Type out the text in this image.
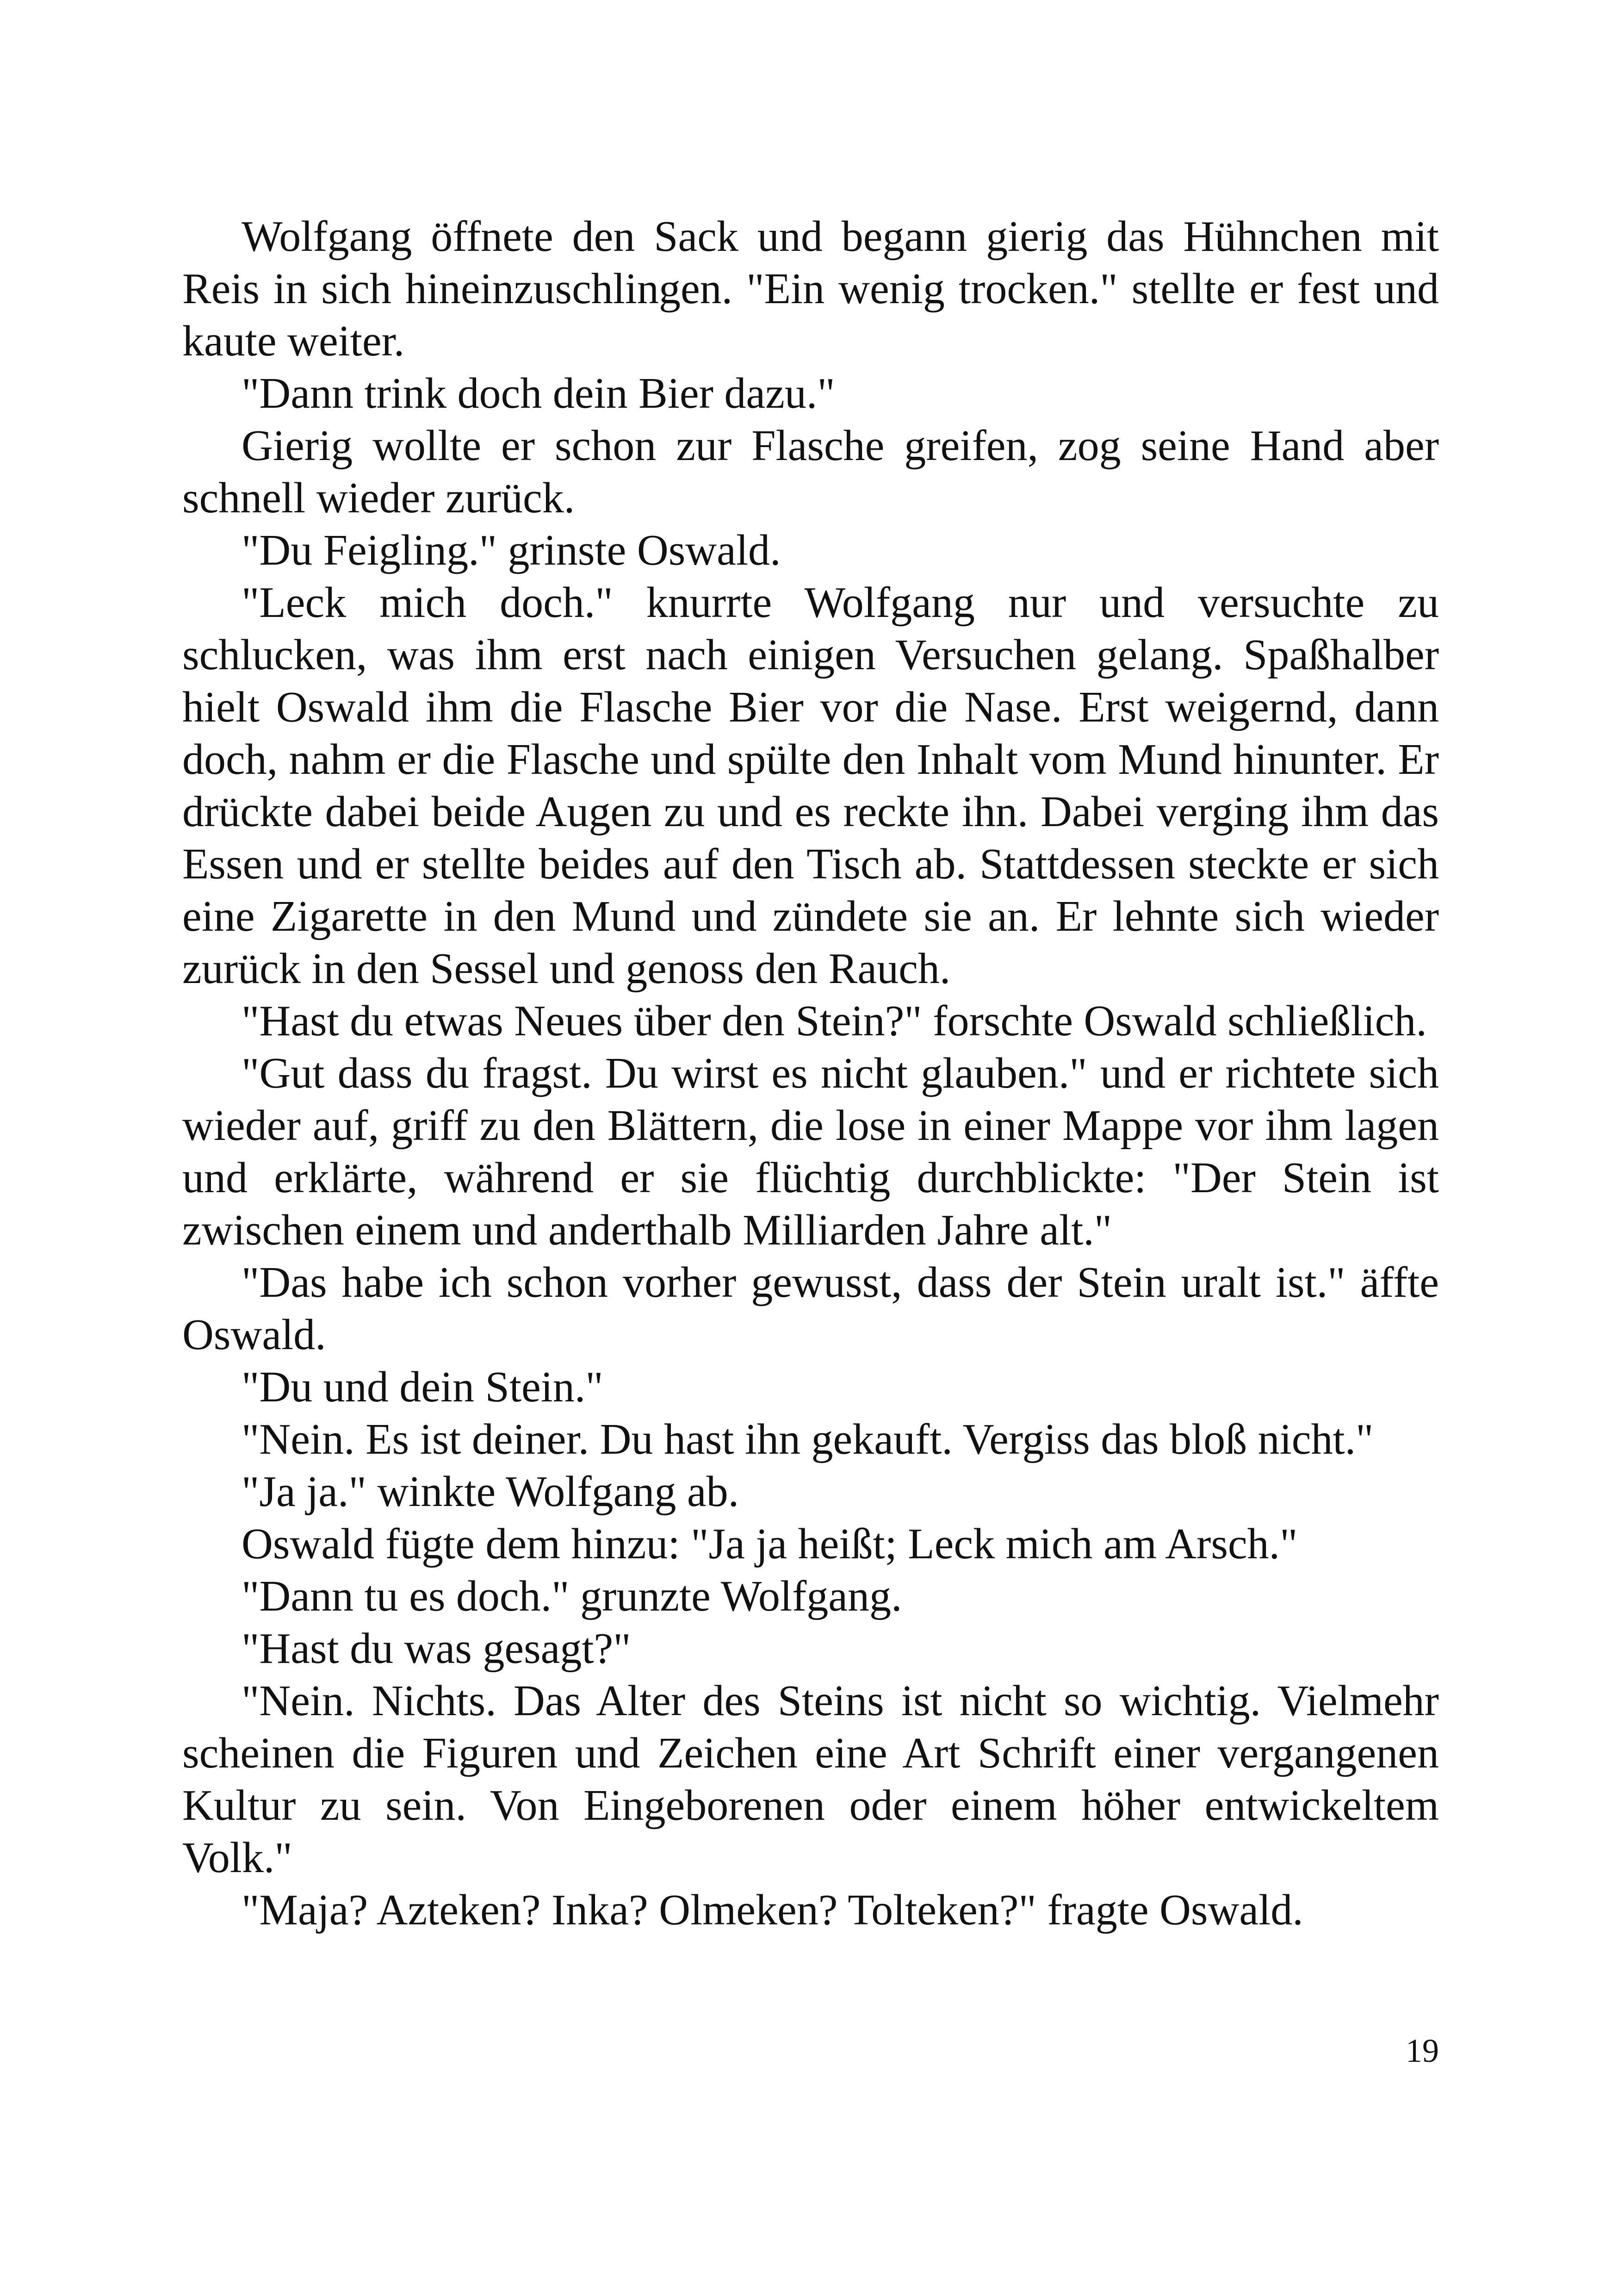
Wolfgang öffnete den Sack und begann gierig das Hühnchen mit Reis in sich hineinzuschlingen. "Ein wenig trocken." stellte er fest und kaute weiter.

"Dann trink doch dein Bier dazu."

Gierig wollte er schon zur Flasche greifen, zog seine Hand aber schnell wieder zurück.

"Du Feigling." grinste Oswald.

"Leck mich doch." knurrte Wolfgang nur und versuchte zu schlucken, was ihm erst nach einigen Versuchen gelang. Spaßhalber hielt Oswald ihm die Flasche Bier vor die Nase. Erst weigernd, dann doch, nahm er die Flasche und spülte den Inhalt vom Mund hinunter. Er drückte dabei beide Augen zu und es reckte ihn. Dabei verging ihm das Essen und er stellte beides auf den Tisch ab. Stattdessen steckte er sich eine Zigarette in den Mund und zündete sie an. Er lehnte sich wieder zurück in den Sessel und genoss den Rauch.

"Hast du etwas Neues über den Stein?" forschte Oswald schließlich.

"Gut dass du fragst. Du wirst es nicht glauben." und er richtete sich wieder auf, griff zu den Blättern, die lose in einer Mappe vor ihm lagen und erklärte, während er sie flüchtig durchblickte: "Der Stein ist zwischen einem und anderthalb Milliarden Jahre alt."

"Das habe ich schon vorher gewusst, dass der Stein uralt ist." äffte Oswald.

"Du und dein Stein."

"Nein. Es ist deiner. Du hast ihn gekauft. Vergiss das bloß nicht."

"Ja ja." winkte Wolfgang ab.

Oswald fügte dem hinzu: "Ja ja heißt; Leck mich am Arsch."

"Dann tu es doch." grunzte Wolfgang.

"Hast du was gesagt?"

"Nein. Nichts. Das Alter des Steins ist nicht so wichtig. Vielmehr scheinen die Figuren und Zeichen eine Art Schrift einer vergangenen Kultur zu sein. Von Eingeborenen oder einem höher entwickeltem Volk."

"Maja? Azteken? Inka? Olmeken? Tolteken?" fragte Oswald.

19
